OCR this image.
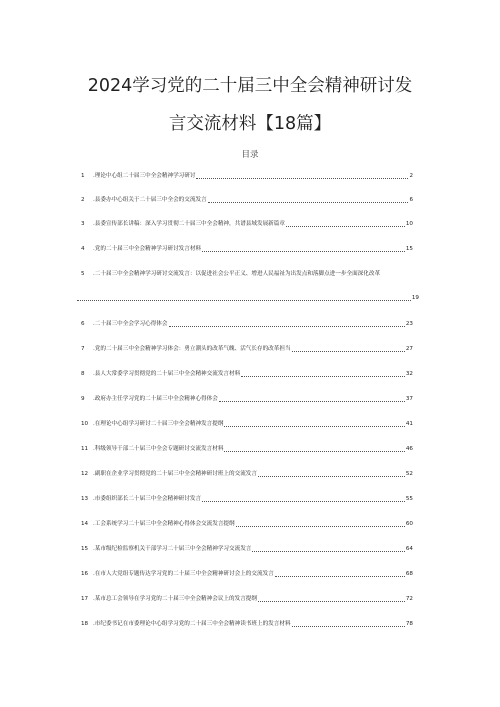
2024学习党的二十届三中全会精神研讨发
言交流材料【18篇】
目录
1	.理论中心组二十届三中全会精神学习研讨	2
2	.县委办中心组关于二十届三中全会的交流发言	6
3	.县委宣传部长讲稿：深入学习贯彻二十届三中全会精神，共谱县域发展新篇章	10
4	.党的二十届三中全会精神学习研讨发言材料	15
5	.二十届三中全会精神学习研讨交流发言：以促进社会公平正义、增进人民福祉为出发点和落脚点进一步全面深化改革
19
6	.二十届三中全会学习心得体会	23
7	.党的二十届三中全会精神学习体会：勇立潮头的改革气魄、活气长存的改革担当	27
8	.县人大常委学习贯彻党的二十届三中全会精神交流发言材料	32
9	.政府办主任学习党的二十届三中全会精神心得体会	37
10 .在理论中心组学习研讨二十届三中全会精神发言提纲	41
11 .科级领导干部二十届三中全会专题研讨交流发言材料	46
12 .副职在企业学习贯彻党的二十届三中全会精神研讨班上的交流发言	52
13 .市委组织部长二十届三中全会精神研讨发言	55
14 .工会系统学习二十届三中全会精神心得体会交流发言提纲	60
15 .某市级纪检监察机关干部学习二十届三中全会精神学习交流发言	64
16 .在市人大党组专题传达学习党的二十届三中全会精神研讨会上的交流发言	68
17 .某市总工会领导在学习党的二十届三中全会精神会议上的发言提纲	72
18 .市纪委书记在市委理论中心组学习党的二十届三中全会精神读书班上的发言材料	78
